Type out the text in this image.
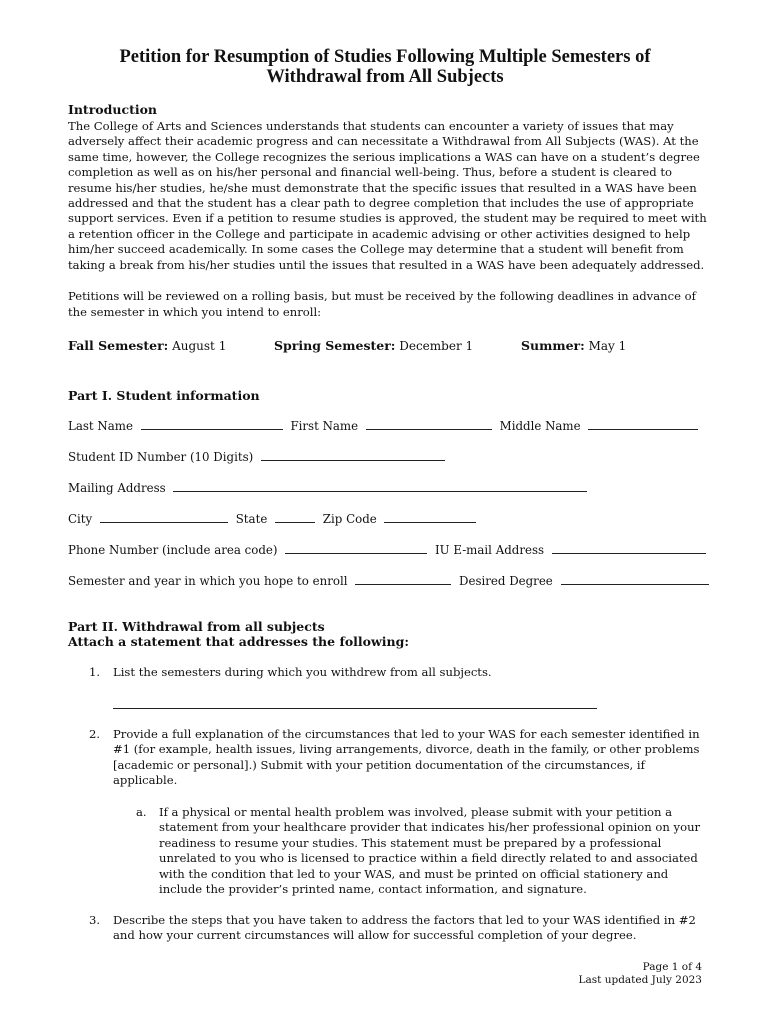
Petition for Resumption of Studies Following Multiple Semesters of
Withdrawal from All Subjects
Introduction
The College of Arts and Sciences understands that students can encounter a variety of issues that may adversely affect their academic progress and can necessitate a Withdrawal from All Subjects (WAS). At the same time, however, the College recognizes the serious implications a WAS can have on a student’s degree completion as well as on his/her personal and financial well-being. Thus, before a student is cleared to resume his/her studies, he/she must demonstrate that the specific issues that resulted in a WAS have been addressed and that the student has a clear path to degree completion that includes the use of appropriate support services. Even if a petition to resume studies is approved, the student may be required to meet with a retention officer in the College and participate in academic advising or other activities designed to help him/her succeed academically. In some cases the College may determine that a student will benefit from taking a break from his/her studies until the issues that resulted in a WAS have been adequately addressed.
Petitions will be reviewed on a rolling basis, but must be received by the following deadlines in advance of the semester in which you intend to enroll:
Fall Semester: August 1	Spring Semester: December 1	Summer: May 1
Part I. Student information
Last Name	First Name	Middle Name
Student ID Number (10 Digits)
Mailing Address
City	State	Zip Code
Phone Number (include area code)	IU E-mail Address
Semester and year in which you hope to enroll	Desired Degree
Part II. Withdrawal from all subjects
Attach a statement that addresses the following:
1. List the semesters during which you withdrew from all subjects.
2. Provide a full explanation of the circumstances that led to your WAS for each semester identified in #1 (for example, health issues, living arrangements, divorce, death in the family, or other problems [academic or personal].) Submit with your petition documentation of the circumstances, if applicable.
a. If a physical or mental health problem was involved, please submit with your petition a statement from your healthcare provider that indicates his/her professional opinion on your readiness to resume your studies. This statement must be prepared by a professional unrelated to you who is licensed to practice within a field directly related to and associated with the condition that led to your WAS, and must be printed on official stationery and include the provider’s printed name, contact information, and signature.
3. Describe the steps that you have taken to address the factors that led to your WAS identified in #2 and how your current circumstances will allow for successful completion of your degree.
Page 1 of 4
Last updated July 2023
